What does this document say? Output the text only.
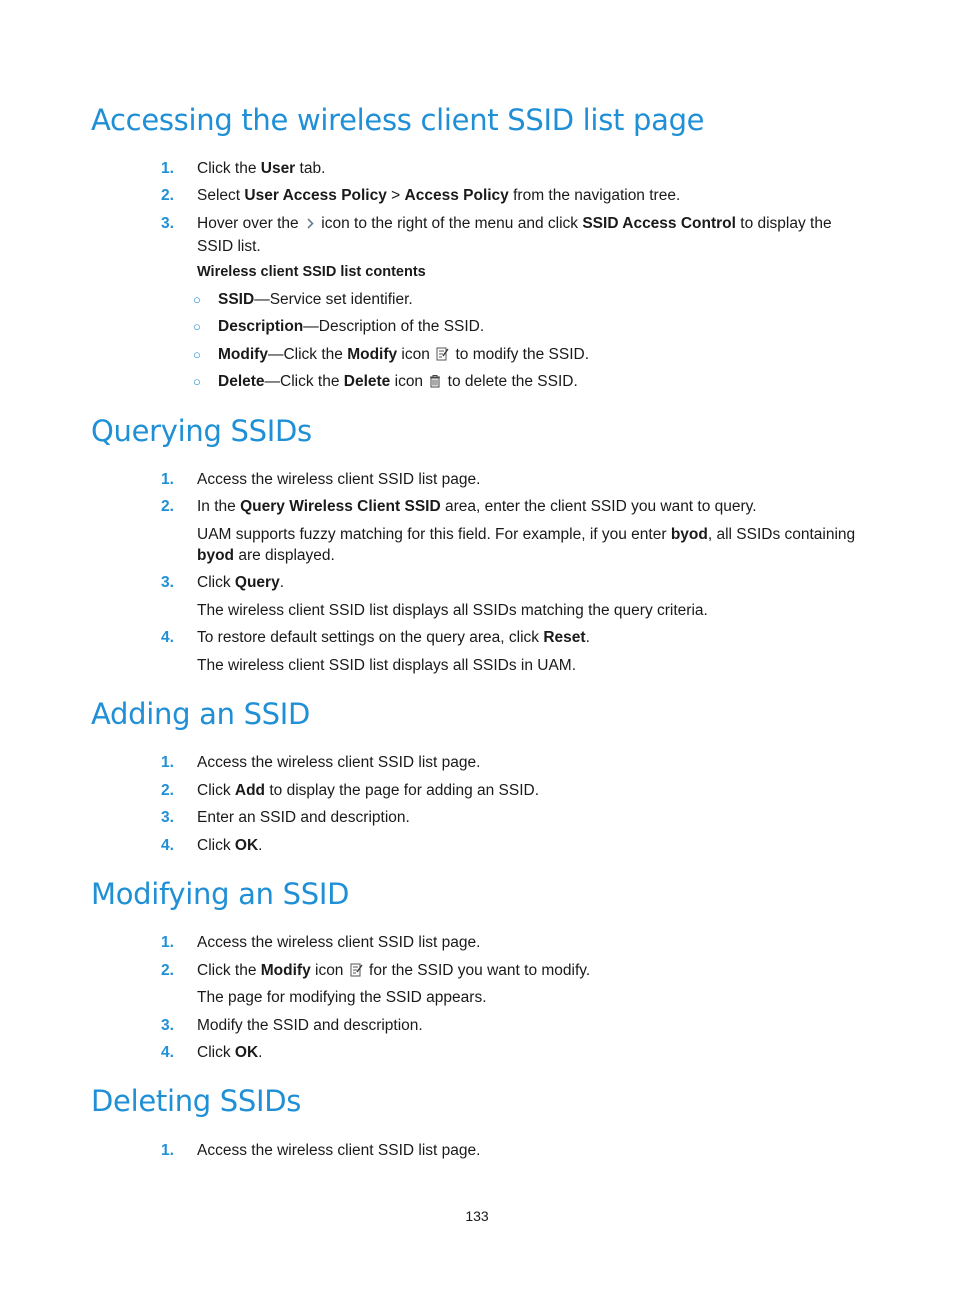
Accessing the wireless client SSID list page
1.	Click the User tab.
2.	Select User Access Policy > Access Policy from the navigation tree.
3.	Hover over the  icon to the right of the menu and click SSID Access Control to display the SSID list.
Wireless client SSID list contents
○ SSID—Service set identifier.
○ Description—Description of the SSID.
○ Modify—Click the Modify icon  to modify the SSID.
○ Delete—Click the Delete icon  to delete the SSID.
Querying SSIDs
1.	Access the wireless client SSID list page.
2.	In the Query Wireless Client SSID area, enter the client SSID you want to query.
UAM supports fuzzy matching for this field. For example, if you enter byod, all SSIDs containing byod are displayed.
3.	Click Query.
The wireless client SSID list displays all SSIDs matching the query criteria.
4.	To restore default settings on the query area, click Reset.
The wireless client SSID list displays all SSIDs in UAM.
Adding an SSID
1.	Access the wireless client SSID list page.
2.	Click Add to display the page for adding an SSID.
3.	Enter an SSID and description.
4.	Click OK.
Modifying an SSID
1.	Access the wireless client SSID list page.
2.	Click the Modify icon  for the SSID you want to modify.
The page for modifying the SSID appears.
3.	Modify the SSID and description.
4.	Click OK.
Deleting SSIDs
1.	Access the wireless client SSID list page.
133
